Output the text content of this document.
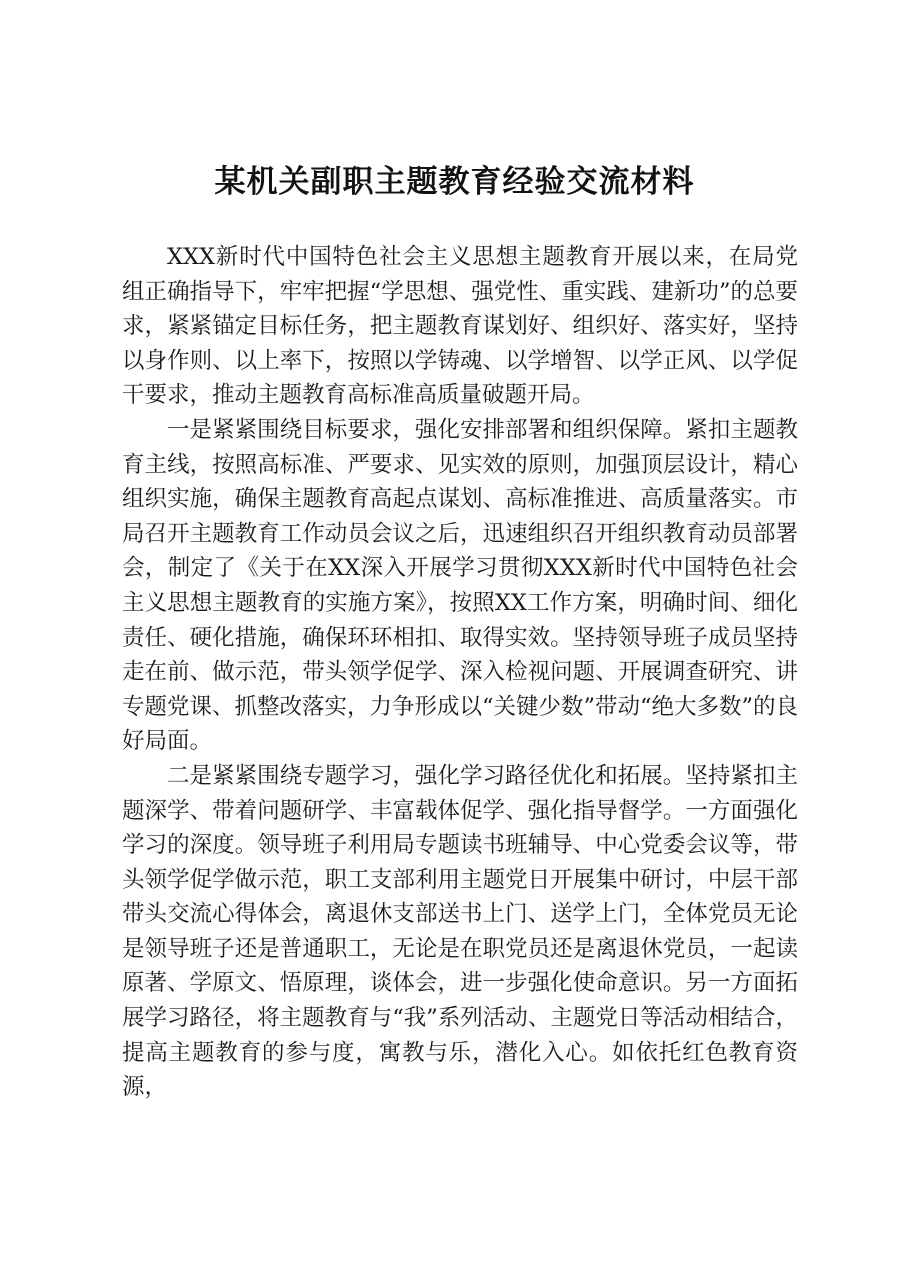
某机关副职主题教育经验交流材料

XXX新时代中国特色社会主义思想主题教育开展以来，在局党组正确指导下，牢牢把握“学思想、强党性、重实践、建新功”的总要求，紧紧锚定目标任务，把主题教育谋划好、组织好、落实好，坚持以身作则、以上率下，按照以学铸魂、以学增智、以学正风、以学促干要求，推动主题教育高标准高质量破题开局。

一是紧紧围绕目标要求，强化安排部署和组织保障。紧扣主题教育主线，按照高标准、严要求、见实效的原则，加强顶层设计，精心组织实施，确保主题教育高起点谋划、高标准推进、高质量落实。市局召开主题教育工作动员会议之后，迅速组织召开组织教育动员部署会，制定了《关于在XX深入开展学习贯彻XXX新时代中国特色社会主义思想主题教育的实施方案》，按照XX工作方案，明确时间、细化责任、硬化措施，确保环环相扣、取得实效。坚持领导班子成员坚持走在前、做示范，带头领学促学、深入检视问题、开展调查研究、讲专题党课、抓整改落实，力争形成以“关键少数”带动“绝大多数”的良好局面。

二是紧紧围绕专题学习，强化学习路径优化和拓展。坚持紧扣主题深学、带着问题研学、丰富载体促学、强化指导督学。一方面强化学习的深度。领导班子利用局专题读书班辅导、中心党委会议等，带头领学促学做示范，职工支部利用主题党日开展集中研讨，中层干部带头交流心得体会，离退休支部送书上门、送学上门，全体党员无论是领导班子还是普通职工，无论是在职党员还是离退休党员，一起读原著、学原文、悟原理，谈体会，进一步强化使命意识。另一方面拓展学习路径，将主题教育与“我”系列活动、主题党日等活动相结合，提高主题教育的参与度，寓教与乐，潜化入心。如依托红色教育资源，
